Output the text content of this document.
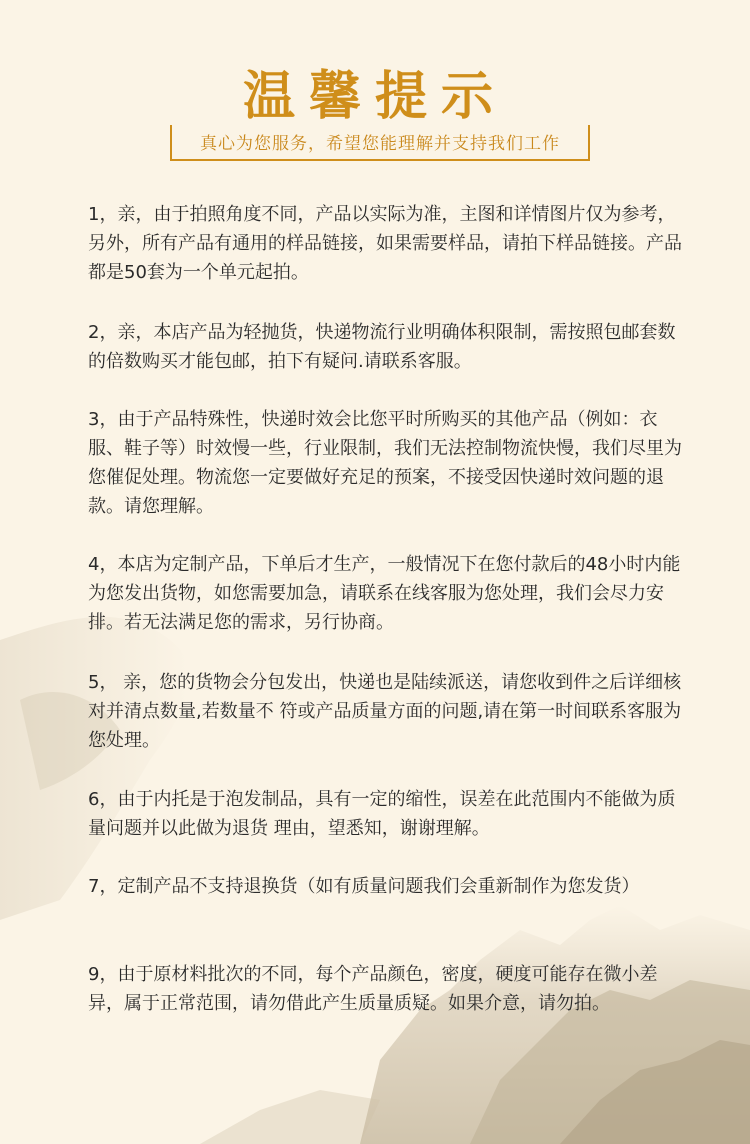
温馨提示
真心为您服务，希望您能理解并支持我们工作

1，亲，由于拍照角度不同，产品以实际为准，主图和详情图片仅为参考，另外，所有产品有通用的样品链接，如果需要样品，请拍下样品链接。产品都是50套为一个单元起拍。

2，亲，本店产品为轻抛货，快递物流行业明确体积限制，需按照包邮套数的倍数购买才能包邮，拍下有疑问.请联系客服。

3，由于产品特殊性，快递时效会比您平时所购买的其他产品（例如：衣服、鞋子等）时效慢一些，行业限制，我们无法控制物流快慢，我们尽里为您催促处理。物流您一定要做好充足的预案，不接受因快递时效问题的退款。请您理解。

4，本店为定制产品，下单后才生产，一般情况下在您付款后的48小时内能为您发出货物，如您需要加急，请联系在线客服为您处理，我们会尽力安排。若无法满足您的需求，另行协商。

5， 亲，您的货物会分包发出，快递也是陆续派送，请您收到件之后详细核对并清点数量,若数量不 符或产品质量方面的问题,请在第一时间联系客服为您处理。

6，由于内托是于泡发制品，具有一定的缩性，误差在此范围内不能做为质量问题并以此做为退货 理由，望悉知，谢谢理解。

7，定制产品不支持退换货（如有质量问题我们会重新制作为您发货）

9，由于原材料批次的不同，每个产品颜色，密度，硬度可能存在微小差异，属于正常范围，请勿借此产生质量质疑。如果介意，请勿拍。
